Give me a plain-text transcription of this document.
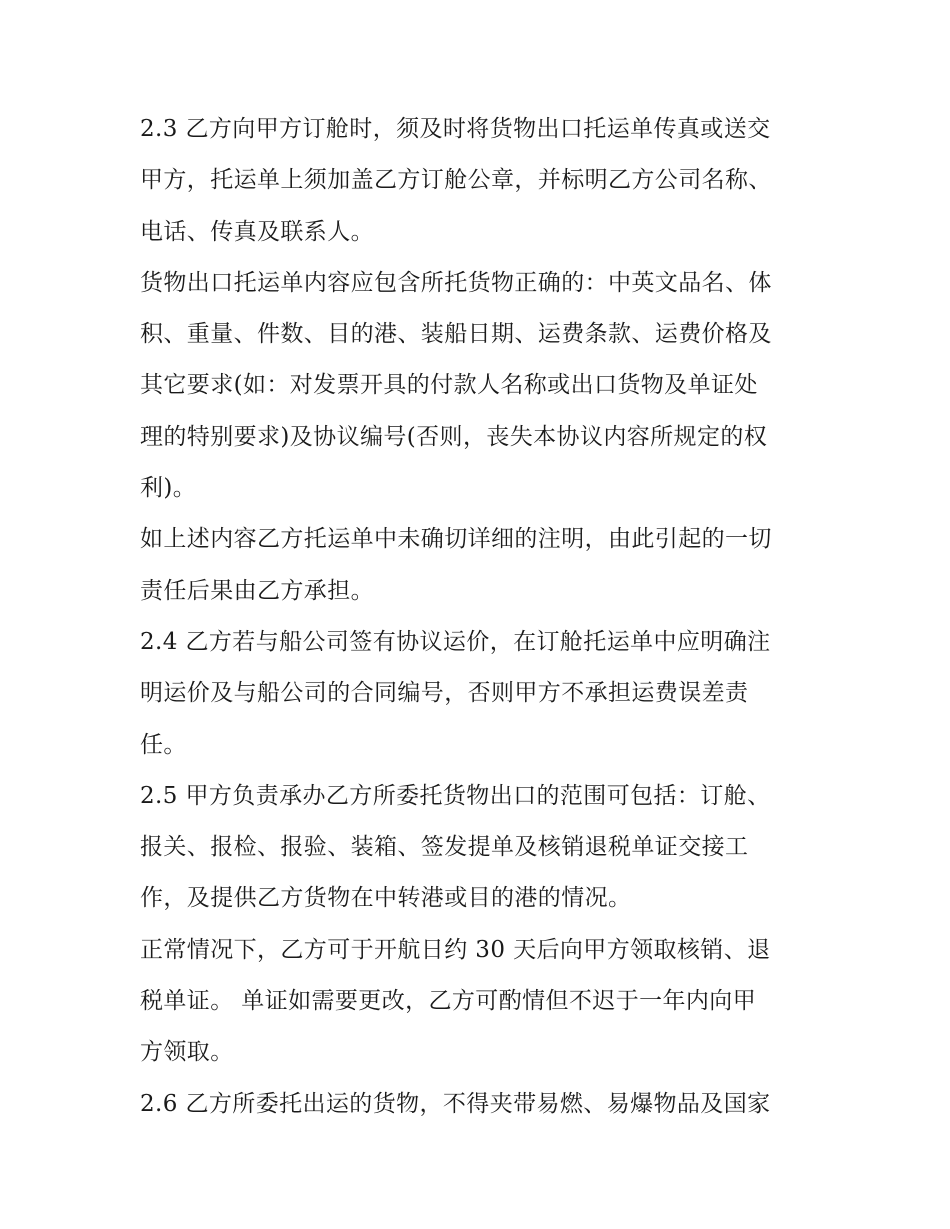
2.3 乙方向甲方订舱时，须及时将货物出口托运单传真或送交
甲方，托运单上须加盖乙方订舱公章，并标明乙方公司名称、
电话、传真及联系人。
货物出口托运单内容应包含所托货物正确的：中英文品名、体
积、重量、件数、目的港、装船日期、运费条款、运费价格及
其它要求(如：对发票开具的付款人名称或出口货物及单证处
理的特别要求)及协议编号(否则，丧失本协议内容所规定的权
利)。
如上述内容乙方托运单中未确切详细的注明，由此引起的一切
责任后果由乙方承担。
2.4 乙方若与船公司签有协议运价，在订舱托运单中应明确注
明运价及与船公司的合同编号，否则甲方不承担运费误差责
任。
2.5 甲方负责承办乙方所委托货物出口的范围可包括：订舱、
报关、报检、报验、装箱、签发提单及核销退税单证交接工
作，及提供乙方货物在中转港或目的港的情况。
正常情况下，乙方可于开航日约 30 天后向甲方领取核销、退
税单证。 单证如需要更改，乙方可酌情但不迟于一年内向甲
方领取。
2.6 乙方所委托出运的货物，不得夹带易燃、易爆物品及国家
